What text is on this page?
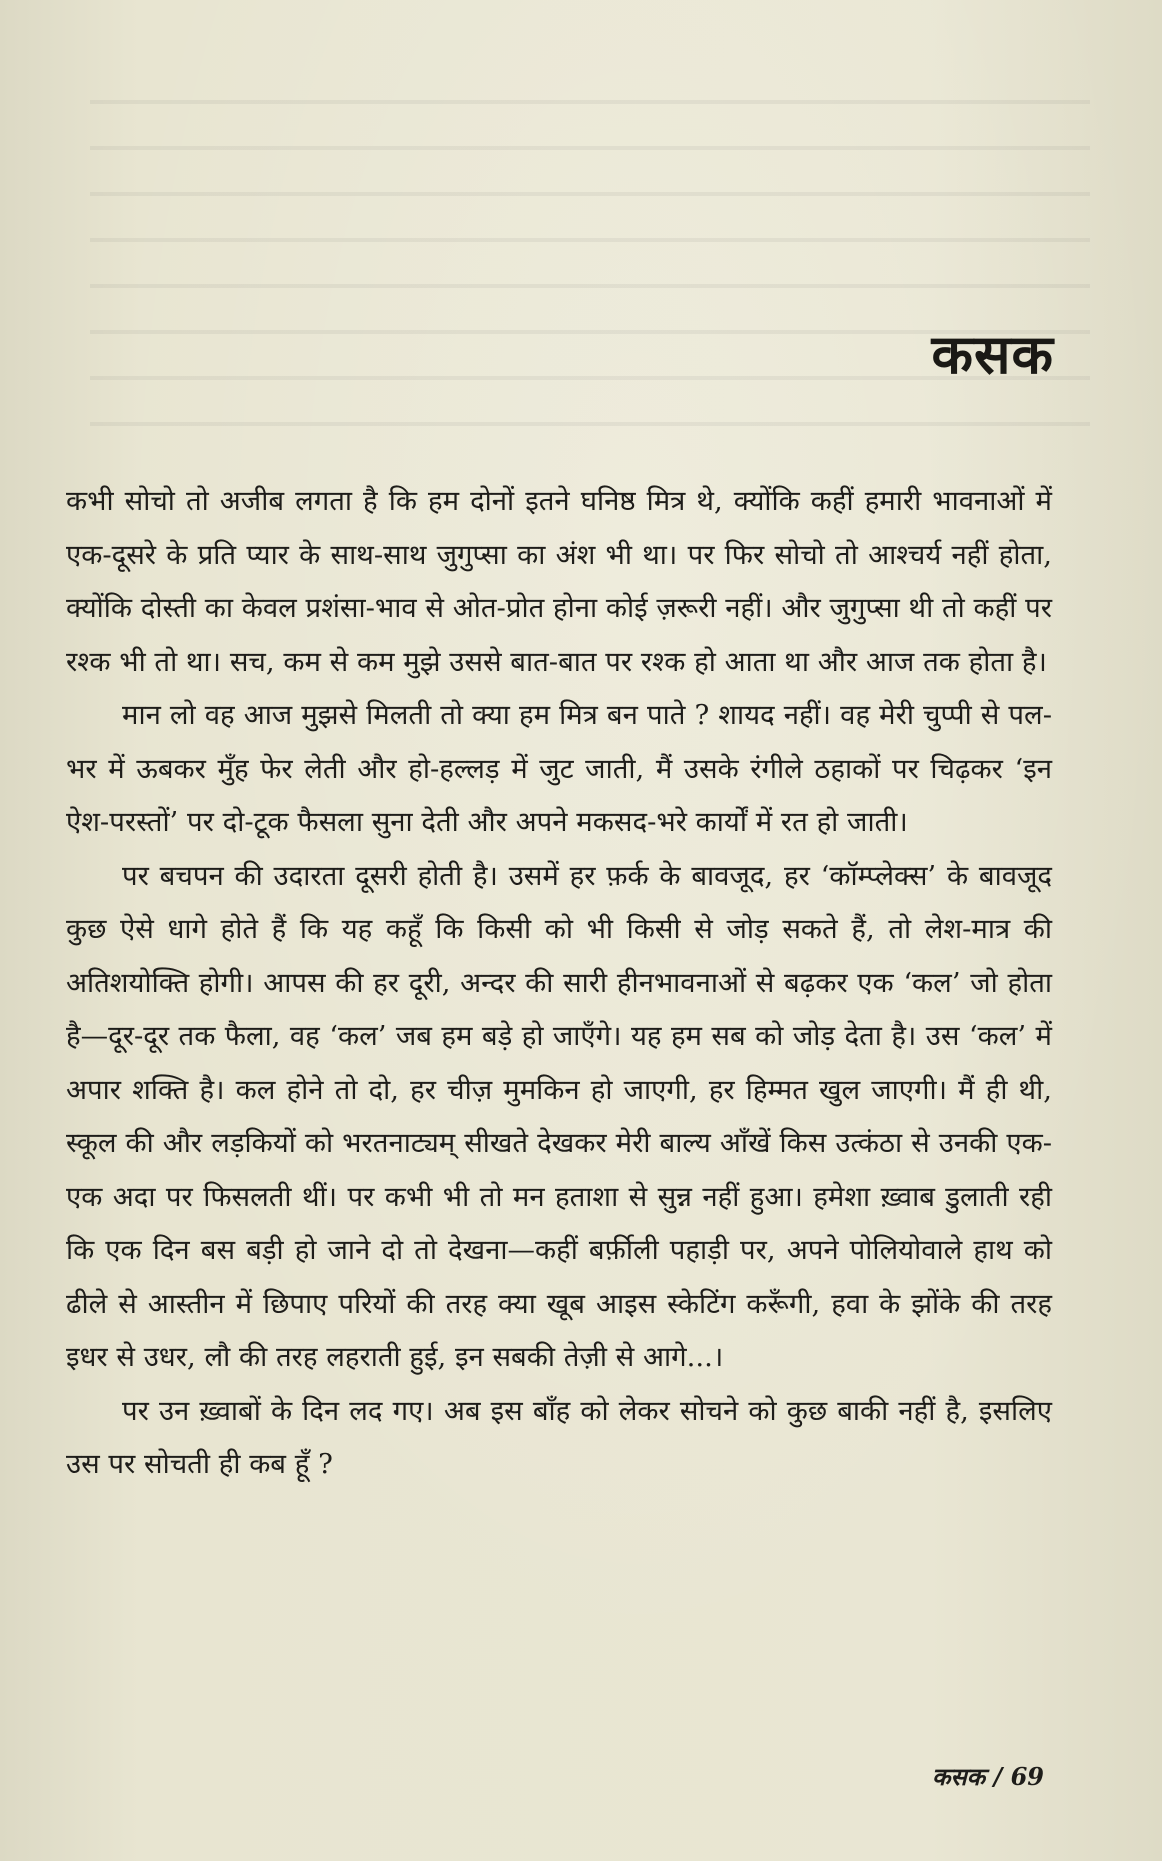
कसक

कभी सोचो तो अजीब लगता है कि हम दोनों इतने घनिष्ठ मित्र थे, क्योंकि कहीं हमारी भावनाओं में एक-दूसरे के प्रति प्यार के साथ-साथ जुगुप्सा का अंश भी था। पर फिर सोचो तो आश्चर्य नहीं होता, क्योंकि दोस्ती का केवल प्रशंसा-भाव से ओत-प्रोत होना कोई ज़रूरी नहीं। और जुगुप्सा थी तो कहीं पर रश्क भी तो था। सच, कम से कम मुझे उससे बात-बात पर रश्क हो आता था और आज तक होता है।

मान लो वह आज मुझसे मिलती तो क्या हम मित्र बन पाते ? शायद नहीं। वह मेरी चुप्पी से पल-भर में ऊबकर मुँह फेर लेती और हो-हल्लड़ में जुट जाती, मैं उसके रंगीले ठहाकों पर चिढ़कर ‘इन ऐश-परस्तों’ पर दो-टूक फैसला सुना देती और अपने मकसद-भरे कार्यों में रत हो जाती।

पर बचपन की उदारता दूसरी होती है। उसमें हर फ़र्क के बावजूद, हर ‘कॉम्प्लेक्स’ के बावजूद कुछ ऐसे धागे होते हैं कि यह कहूँ कि किसी को भी किसी से जोड़ सकते हैं, तो लेश-मात्र की अतिशयोक्ति होगी। आपस की हर दूरी, अन्दर की सारी हीनभावनाओं से बढ़कर एक ‘कल’ जो होता है—दूर-दूर तक फैला, वह ‘कल’ जब हम बड़े हो जाएँगे। यह हम सब को जोड़ देता है। उस ‘कल’ में अपार शक्ति है। कल होने तो दो, हर चीज़ मुमकिन हो जाएगी, हर हिम्मत खुल जाएगी। मैं ही थी, स्कूल की और लड़कियों को भरतनाट्यम् सीखते देखकर मेरी बाल्य आँखें किस उत्कंठा से उनकी एक-एक अदा पर फिसलती थीं। पर कभी भी तो मन हताशा से सुन्न नहीं हुआ। हमेशा ख़्वाब डुलाती रही कि एक दिन बस बड़ी हो जाने दो तो देखना—कहीं बर्फ़ीली पहाड़ी पर, अपने पोलियोवाले हाथ को ढीले से आस्तीन में छिपाए परियों की तरह क्या खूब आइस स्केटिंग करूँगी, हवा के झोंके की तरह इधर से उधर, लौ की तरह लहराती हुई, इन सबकी तेज़ी से आगे...।

पर उन ख़्वाबों के दिन लद गए। अब इस बाँह को लेकर सोचने को कुछ बाकी नहीं है, इसलिए उस पर सोचती ही कब हूँ ?

कसक / 69
